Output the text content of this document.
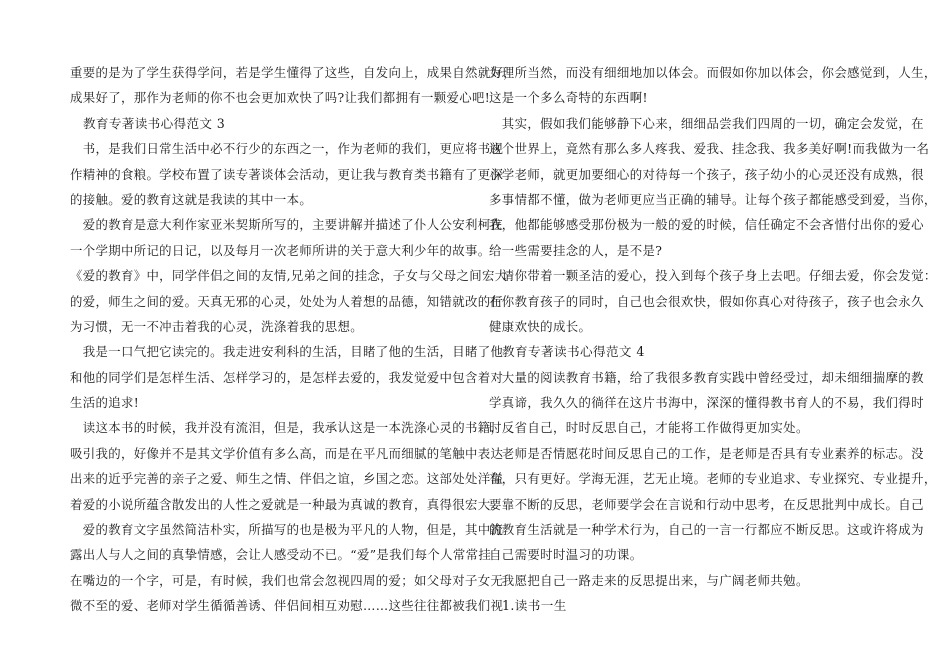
重要的是为了学生获得学问，若是学生懂得了这些，自发向上，成果自然就好，
成果好了，那作为老师的你不也会更加欢快了吗?让我们都拥有一颗爱心吧!
　教育专著读书心得范文 3
　书，是我们日常生活中必不行少的东西之一，作为老师的我们，更应将书视
作精神的食粮。学校布置了读专著谈体会活动，更让我与教育类书籍有了更深
的接触。爱的教育这就是我读的其中一本。
　爱的教育是意大利作家亚米契斯所写的，主要讲解并描述了仆人公安利柯在
一个学期中所记的日记，以及每月一次老师所讲的关于意大利少年的故事。
《爱的教育》中，同学伴侣之间的友情,兄弟之间的挂念，子女与父母之间宏大
的爱，师生之间的爱。天真无邪的心灵，处处为人着想的品德，知错就改的行
为习惯，无一不冲击着我的心灵，洗涤着我的思想。
　我是一口气把它读完的。我走进安利科的生活，目睹了他的生活，目睹了他
和他的同学们是怎样生活、怎样学习的，是怎样去爱的，我发觉爱中包含着对
生活的追求!
　读这本书的时候，我并没有流泪，但是，我承认这是一本洗涤心灵的书籍，
吸引我的，好像并不是其文学价值有多么高，而是在平凡而细腻的笔触中表达
出来的近乎完善的亲子之爱、师生之情、伴侣之谊，乡国之恋。这部处处洋溢
着爱的小说所蕴含散发出的人性之爱就是一种最为真诚的教育，真得很宏大。
　爱的教育文字虽然简洁朴实，所描写的也是极为平凡的人物，但是，其中流
露出人与人之间的真挚情感，会让人感受动不已。“爱”是我们每个人常常挂
在嘴边的一个字，可是，有时候，我们也常会忽视四周的爱；如父母对子女无
微不至的爱、老师对学生循循善诱、伴侣间相互劝慰……这些往往都被我们视
为理所当然，而没有细细地加以体会。而假如你加以体会，你会感觉到，人生，
这是一个多么奇特的东西啊!
　其实，假如我们能够静下心来，细细品尝我们四周的一切，确定会发觉，在
这个世界上，竟然有那么多人疼我、爱我、挂念我、我多美好啊!而我做为一名
小学老师，就更加要细心的对待每一个孩子，孩子幼小的心灵还没有成熟，很
多事情都不懂，做为老师更应当正确的辅导。让每个孩子都能感受到爱，当你，
我，他都能够感受那份极为一般的爱的时候，信任确定不会吝惜付出你的爱心
给一些需要挂念的人，是不是?
　请你带着一颗圣洁的爱心，投入到每个孩子身上去吧。仔细去爱，你会发觉：
在你教育孩子的同时，自己也会很欢快，假如你真心对待孩子，孩子也会永久
健康欢快的成长。
　教育专著读书心得范文 4
　大量的阅读教育书籍，给了我很多教育实践中曾经受过，却未细细揣摩的教
学真谛，我久久的徜徉在这片书海中，深深的懂得教书育人的不易，我们得时
时反省自己，时时反思自己，才能将工作做得更加实处。
　老师是否情愿花时间反思自己的工作，是老师是否具有专业素养的标志。没
有，只有更好。学海无涯，艺无止境。老师的专业追求、专业探究、专业提升，
要靠不断的反思，老师要学会在言说和行动中思考，在反思批判中成长。自己
的教育生活就是一种学术行为，自己的一言一行都应不断反思。这或许将成为
自己需要时时温习的功课。
　我愿把自己一路走来的反思提出来，与广阔老师共勉。
　1.读书一生
